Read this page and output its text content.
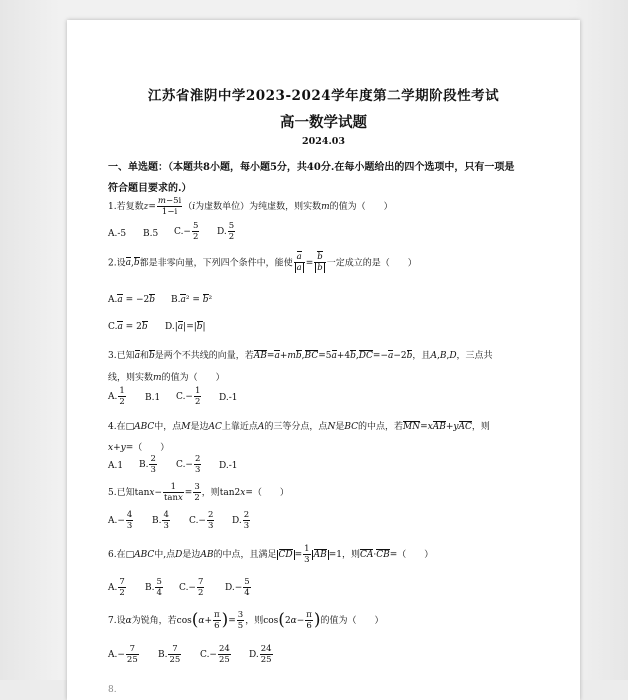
江苏省淮阴中学2023-2024学年度第二学期阶段性考试
高一数学试题
2024.03
一、单选题：（本题共8小题，每小题5分，共40分.在每小题给出的四个选项中，只有一项是
符合题目要求的.）
1.若复数$z= \frac{m-5i}{1-i} (i$为虚数单位）为纯虚数，则实数m的值为（　　）
A.-5 B.5 $C.- \frac{5}{2} D$. $\frac{5}{2}$
2.设a,b都是非零向量，下列四个条件中，能使 $\frac{a}{a} = \frac{b}{b}$ 一定成立的是（　　）
A.a = −2b B.a² = b²
C.a = 2b D.|a|=|b|
3.已知a和b是两个不共线的向量，若AB=a+mb,BC=5a+4b,DC=−a−2b，且A,B,D，三点共
线，则实数m的值为（　　）
A. $\frac{1}{2} B.1$ $C.- \frac{1}{2} D.-1$
4.在□ABC中，点M是边AC上靠近点A的三等分点，点N是BC的中点，若MN=xAB+yAC，则
x+y=（　　）
A.1 B. $\frac{2}{3} C.- \frac{2}{3} D.-1$
5.已知$\tan x- \frac{1}{\tan x} = \frac{3}{2}$ ，则tan2x=（　　）
$A.- \frac{4}{3} B$. $\frac{4}{3} C.- \frac{2}{3} D$. $\frac{2}{3}$
6.在□ABC中,点D是边AB的中点，且满足 CD = $\frac{1}{3}$ AB =1，则CA·CB=（　　）
A. $\frac{7}{2} B$. $\frac{5}{4} C.- \frac{7}{2} D.- \frac{5}{4}$
7.设α为锐角，若$\cos(\alpha+ \frac{\pi}{6}$ )= $\frac{3}{5}$ ，则$\cos(2\alpha- \frac{\pi}{6}$ )的值为（　　）
$A.- \frac{7}{25} B$. $\frac{7}{25} C.- \frac{24}{25} D$. $\frac{24}{25}$
8.　　　　　　　　　　　　　　　　　　　　　　　　　　　　　　　　
